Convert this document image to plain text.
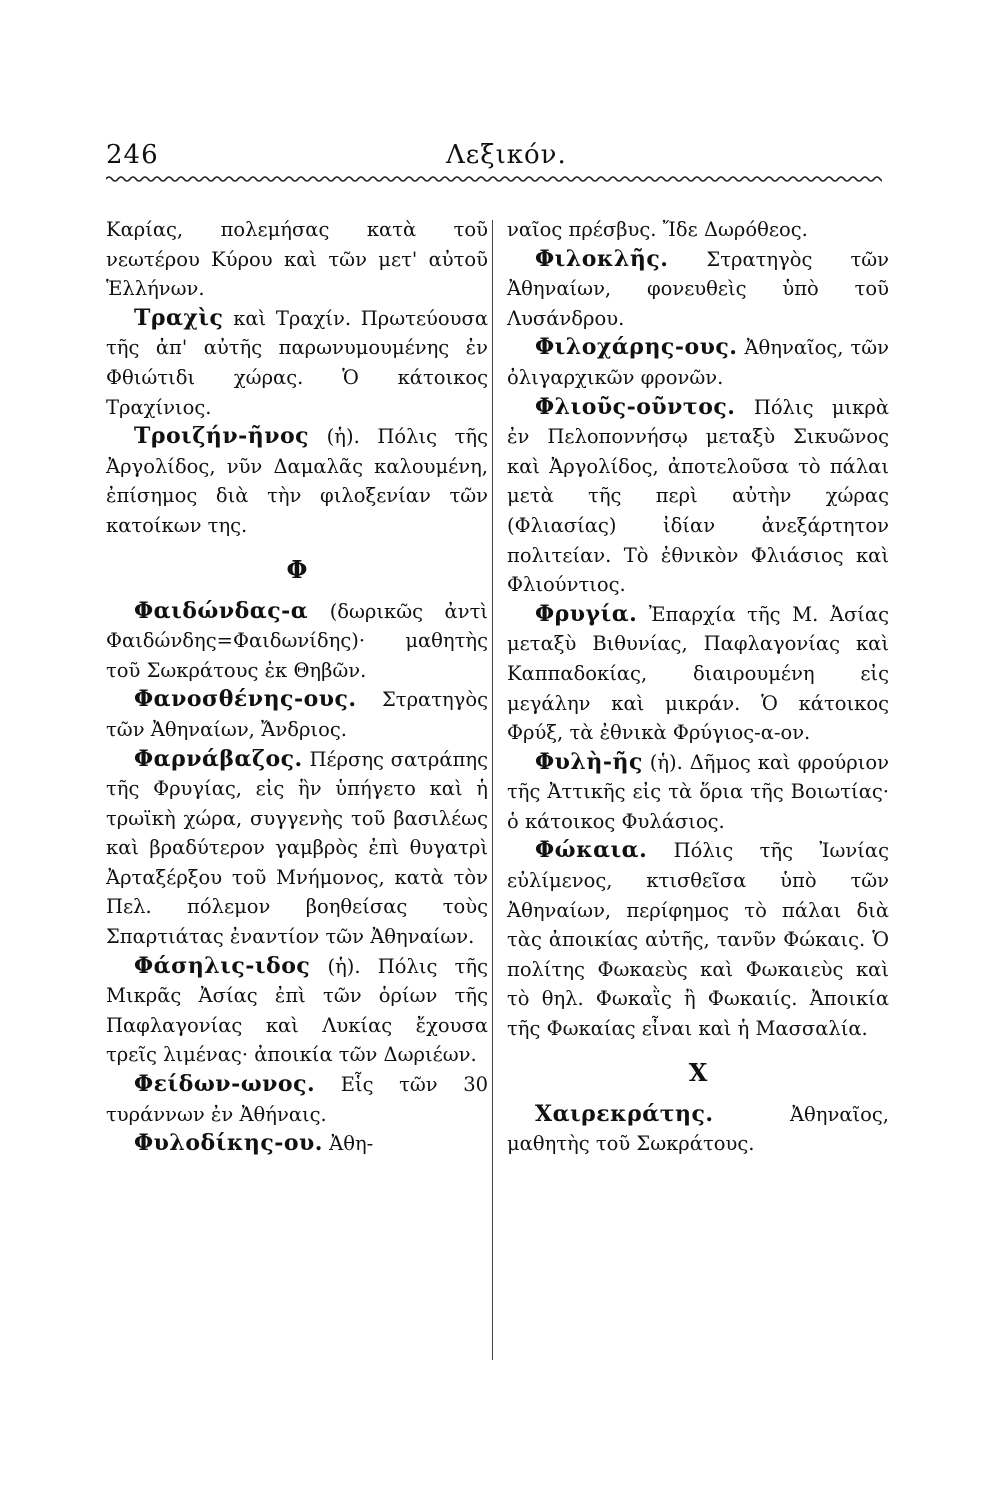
246	Λεξικόν.

Καρίας, πολεμήσας κατὰ τοῦ νεωτέρου Κύρου καὶ τῶν μετ' αὐτοῦ Ἑλλήνων.

Τραχὶς καὶ Τραχίν. Πρωτεύουσα τῆς ἀπ' αὐτῆς παρωνυμουμένης ἐν Φθιώτιδι χώρας. Ὁ κάτοικος Τραχίνιος.

Τροιζήν-ῆνος (ἡ). Πόλις τῆς Ἀργολίδος, νῦν Δαμαλᾶς καλουμένη, ἐπίσημος διὰ τὴν φιλοξενίαν τῶν κατοίκων της.

Φ

Φαιδώνδας-α (δωρικῶς ἀντὶ Φαιδώνδης=Φαιδωνίδης)· μαθητὴς τοῦ Σωκράτους ἐκ Θηβῶν.

Φανοσθένης-ους. Στρατηγὸς τῶν Ἀθηναίων, Ἄνδριος.

Φαρνάβαζος. Πέρσης σατράπης τῆς Φρυγίας, εἰς ἣν ὑπήγετο καὶ ἡ τρωϊκὴ χώρα, συγγενὴς τοῦ βασιλέως καὶ βραδύτερον γαμβρὸς ἐπὶ θυγατρὶ Ἀρταξέρξου τοῦ Μνήμονος, κατὰ τὸν Πελ. πόλεμον βοηθείσας τοὺς Σπαρτιάτας ἐναντίον τῶν Ἀθηναίων.

Φάσηλις-ιδος (ἡ). Πόλις τῆς Μικρᾶς Ἀσίας ἐπὶ τῶν ὁρίων τῆς Παφλαγονίας καὶ Λυκίας ἔχουσα τρεῖς λιμένας· ἀποικία τῶν Δωριέων.

Φείδων-ωνος. Εἷς τῶν 30 τυράννων ἐν Ἀθήναις.

Φυλοδίκης-ου. Ἀθη-

ναῖος πρέσβυς. Ἴδε Δωρόθεος.

Φιλοκλῆς. Στρατηγὸς τῶν Ἀθηναίων, φονευθεὶς ὑπὸ τοῦ Λυσάνδρου.

Φιλοχάρης-ους. Ἀθηναῖος, τῶν ὀλιγαρχικῶν φρονῶν.

Φλιοῦς-οῦντος. Πόλις μικρὰ ἐν Πελοποννήσῳ μεταξὺ Σικυῶνος καὶ Ἀργολίδος, ἀποτελοῦσα τὸ πάλαι μετὰ τῆς περὶ αὐτὴν χώρας (Φλιασίας) ἰδίαν ἀνεξάρτητον πολιτείαν. Τὸ ἐθνικὸν Φλιάσιος καὶ Φλιούντιος.

Φρυγία. Ἐπαρχία τῆς Μ. Ἀσίας μεταξὺ Βιθυνίας, Παφλαγονίας καὶ Καππαδοκίας, διαιρουμένη εἰς μεγάλην καὶ μικράν. Ὁ κάτοικος Φρύξ, τὰ ἐθνικὰ Φρύγιος-α-ον.

Φυλὴ-ῆς (ἡ). Δῆμος καὶ φρούριον τῆς Ἀττικῆς εἰς τὰ ὅρια τῆς Βοιωτίας· ὁ κάτοικος Φυλάσιος.

Φώκαια. Πόλις τῆς Ἰωνίας εὐλίμενος, κτισθεῖσα ὑπὸ τῶν Ἀθηναίων, περίφημος τὸ πάλαι διὰ τὰς ἀποικίας αὐτῆς, τανῦν Φώκαις. Ὁ πολίτης Φωκαεὺς καὶ Φωκαιεὺς καὶ τὸ θηλ. Φωκαῒς ἢ Φωκαιίς. Ἀποικία τῆς Φωκαίας εἶναι καὶ ἡ Μασσαλία.

Χ

Χαιρεκράτης.	Ἀθηναῖος, μαθητὴς τοῦ Σωκράτους.
